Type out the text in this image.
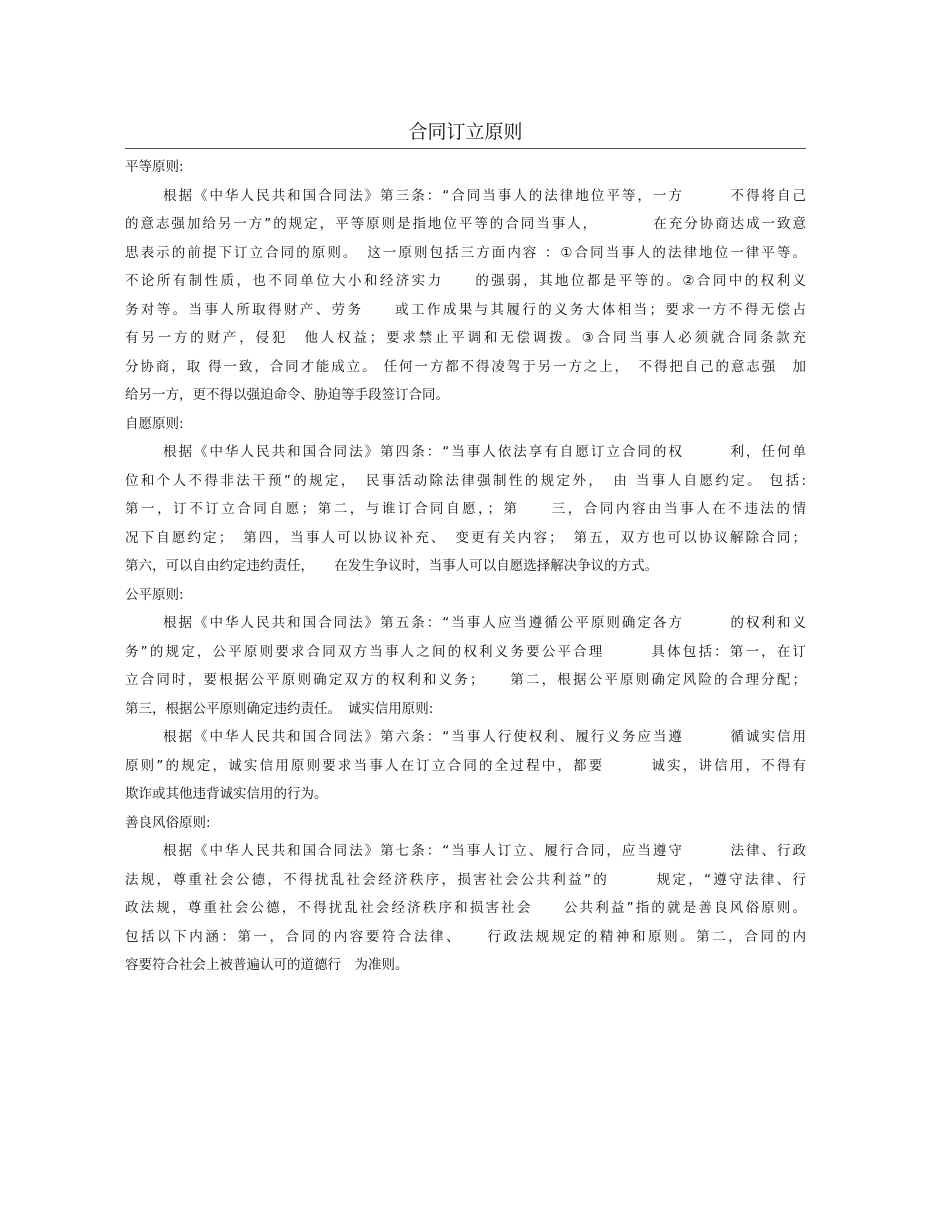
合同订立原则
平等原则:
根据《中华人民共和国合同法》第三条：“合同当事人的法律地位平等，一方　　　不得将自己
的意志强加给另一方”的规定，平等原则是指地位平等的合同当事人，　　　　在充分协商达成一致意
思表示的前提下订立合同的原则。　这一原则包括三方面内容 ：①合同当事人的法律地位一律平等。
不论所有制性质，也不同单位大小和经济实力　　的强弱，其地位都是平等的。②合同中的权利义
务对等。当事人所取得财产、劳务　　或工作成果与其履行的义务大体相当；要求一方不得无偿占
有另一方的财产，侵犯　他人权益；要求禁止平调和无偿调拨。③合同当事人必须就合同条款充
分协商，取 得一致，合同才能成立。 任何一方都不得凌驾于另一方之上，　不得把自己的意志强　加
给另一方，更不得以强迫命令、胁迫等手段签订合同。
自愿原则:
根据《中华人民共和国合同法》第四条：“当事人依法享有自愿订立合同的权　　　利，任何单
位和个人不得非法干预”的规定，　民事活动除法律强制性的规定外，　由 当事人自愿约定。 包括:
第一，订不订立合同自愿；第二，与谁订合同自愿，；第　　三，合同内容由当事人在不违法的情
况下自愿约定；　第四，当事人可以协议补充、　变更有关内容；　第五，双方也可以协议解除合同；
第六，可以自由约定违约责任，　　在发生争议时，当事人可以自愿选择解决争议的方式。
公平原则:
根据《中华人民共和国合同法》第五条：“当事人应当遵循公平原则确定各方　　　的权利和义
务”的规定，公平原则要求合同双方当事人之间的权利义务要公平合理　　　具体包括：第一，在订
立合同时，要根据公平原则确定双方的权利和义务；　　第二，根据公平原则确定风险的合理分配；
第三，根据公平原则确定违约责任。　诚实信用原则:
根据《中华人民共和国合同法》第六条：“当事人行使权利、履行义务应当遵　　　循诚实信用
原则”的规定，诚实信用原则要求当事人在订立合同的全过程中，都要　　　诚实，讲信用，不得有
欺诈或其他违背诚实信用的行为。
善良风俗原则:
根据《中华人民共和国合同法》第七条：“当事人订立、履行合同，应当遵守　　　法律、行政
法规，尊重社会公德，不得扰乱社会经济秩序，损害社会公共利益”的　　　规定，“遵守法律、行
政法规，尊重社会公德，不得扰乱社会经济秩序和损害社会　　公共利益”指的就是善良风俗原则。
包括以下内涵：第一，合同的内容要符合法律、　　行政法规规定的精神和原则。第二，合同的内
容要符合社会上被普遍认可的道德行　为准则。
